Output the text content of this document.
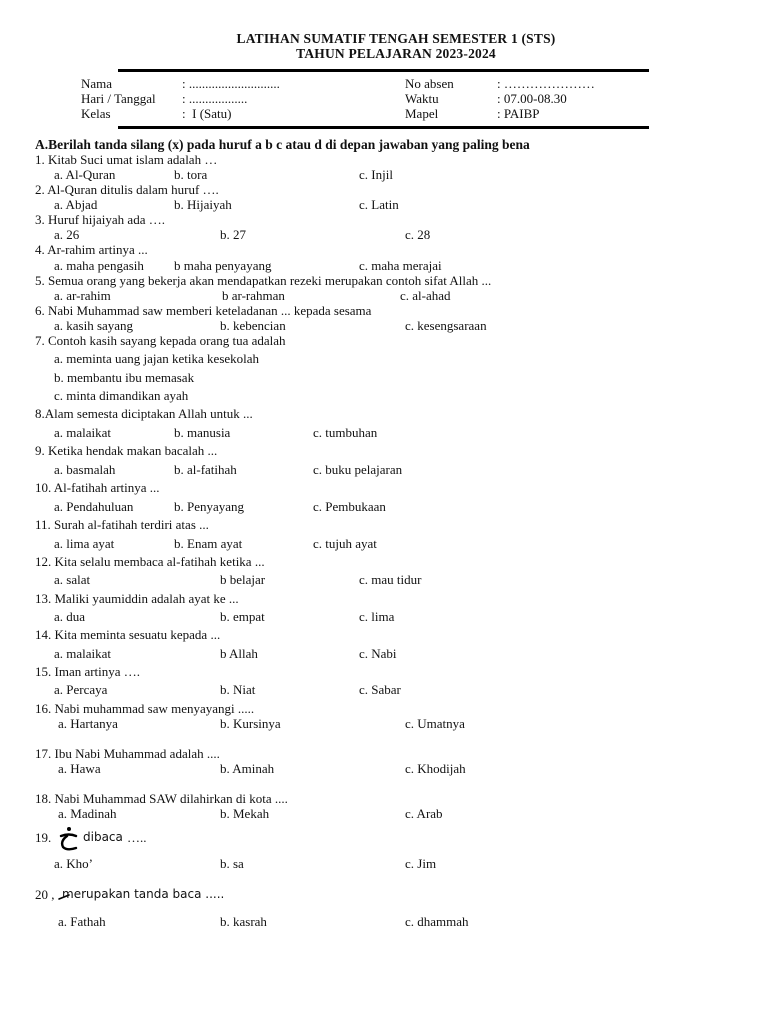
LATIHAN SUMATIF TENGAH SEMESTER 1 (STS)
TAHUN PELAJARAN 2023-2024
Nama	: ............................
Hari / Tanggal : ..................
Kelas	:  I (Satu)
No absen	: …………………
Waktu	: 07.00-08.30
Mapel	: PAIBP
A.Berilah tanda silang (x) pada huruf a b c atau d di depan jawaban yang paling bena
1. Kitab Suci umat islam adalah …
a. Al-Quran	b. tora	c. Injil
2. Al-Quran ditulis dalam huruf ….
a. Abjad	b. Hijaiyah	c. Latin
3. Huruf hijaiyah ada ….
a. 26	b. 27	c. 28
4. Ar-rahim artinya ...
a. maha pengasih b maha penyayang	c. maha merajai
5. Semua orang yang bekerja akan mendapatkan rezeki merupakan contoh sifat Allah ...
a. ar-rahim	b ar-rahman	c. al-ahad
6. Nabi Muhammad saw memberi keteladanan ... kepada sesama
a. kasih sayang	b. kebencian	c. kesengsaraan
7. Contoh kasih sayang kepada orang tua adalah
a. meminta uang jajan ketika kesekolah
b. membantu ibu memasak
c. minta dimandikan ayah
8.Alam semesta diciptakan Allah untuk ...
a. malaikat	b. manusia	c. tumbuhan
9. Ketika hendak makan bacalah ...
a. basmalah	b. al-fatihah	c. buku pelajaran
10. Al-fatihah artinya ...
a. Pendahuluan	b. Penyayang	c. Pembukaan
11. Surah al-fatihah terdiri atas ...
a. lima ayat	b. Enam ayat	c. tujuh ayat
12. Kita selalu membaca al-fatihah ketika ...
a. salat	b belajar	c. mau tidur
13. Maliki yaumiddin adalah ayat ke ...
a. dua	b. empat	c. lima
14. Kita meminta sesuatu kepada ...
a. malaikat	b Allah	c. Nabi
15. Iman artinya ….
a. Percaya	b. Niat	c. Sabar
16. Nabi muhammad saw menyayangi .....
a. Hartanya	b. Kursinya	c. Umatnya
17. Ibu Nabi Muhammad adalah ....
a. Hawa	b. Aminah	c. Khodijah
18. Nabi Muhammad SAW dilahirkan di kota ....
a. Madinah	b. Mekah	c. Arab
19.	dibaca …..
a. Kho’	b. sa	c. Jim
20 , merupakan tanda baca .....
a. Fathah	b. kasrah	c. dhammah
